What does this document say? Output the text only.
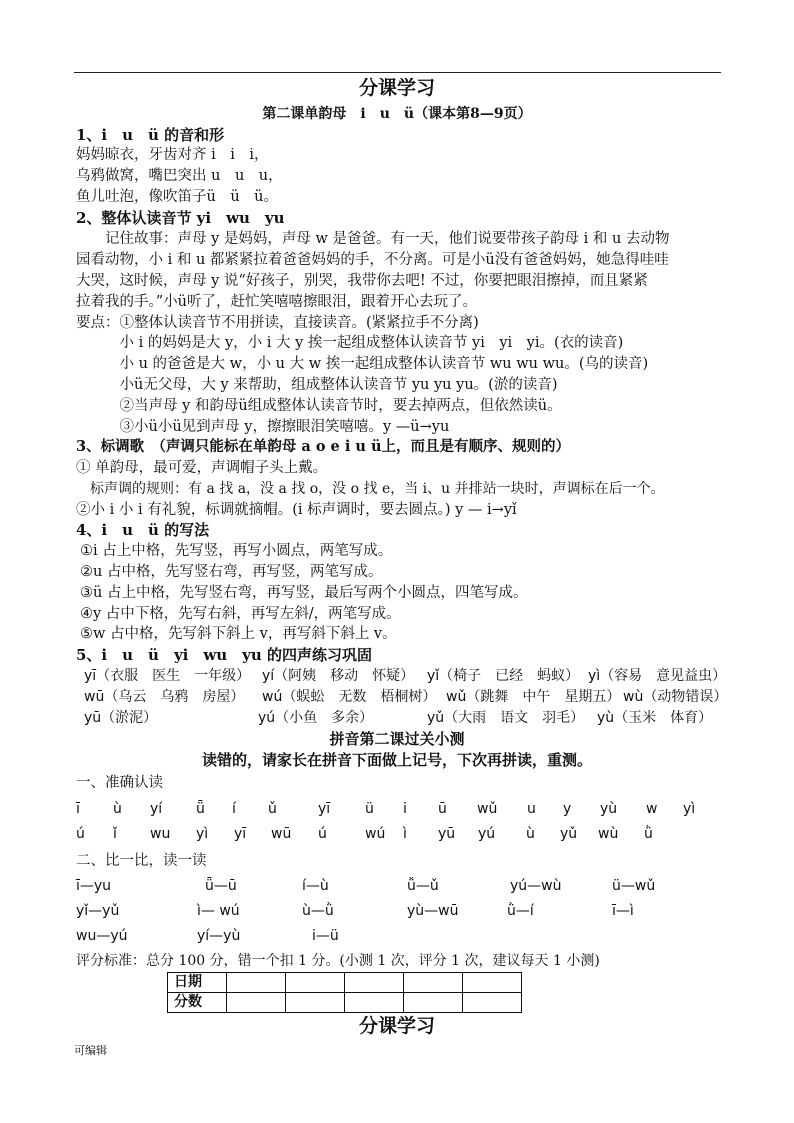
分课学习
第二课单韵母　i　u　ü（课本第8—9页）
1、i　u　ü 的音和形
妈妈晾衣，牙齿对齐 i　i　i，
乌鸦做窝，嘴巴突出 u　u　u，
鱼儿吐泡，像吹笛子ü　ü　ü。
2、整体认读音节 yi　wu　yu
　　记住故事：声母 y 是妈妈，声母 w 是爸爸。有一天，他们说要带孩子韵母 i 和 u 去动物
园看动物，小 i 和 u 都紧紧拉着爸爸妈妈的手，不分离。可是小ü没有爸爸妈妈，她急得哇哇
大哭，这时候，声母 y 说“好孩子，别哭，我带你去吧! 不过，你要把眼泪擦掉，而且紧紧
拉着我的手。”小ü听了，赶忙笑嘻嘻擦眼泪，跟着开心去玩了。
要点：①整体认读音节不用拼读，直接读音。(紧紧拉手不分离)
　　　小 i 的妈妈是大 y，小 i 大 y 挨一起组成整体认读音节 yi　yi　yi。(衣的读音)
　　　小 u 的爸爸是大 w，小 u 大 w 挨一起组成整体认读音节 wu wu wu。(乌的读音)
　　　小ü无父母，大 y 来帮助，组成整体认读音节 yu yu yu。(淤的读音)
　　　②当声母 y 和韵母ü组成整体认读音节时，要去掉两点，但依然读ü。
　　　③小ü小ü见到声母 y，擦擦眼泪笑嘻嘻。y —ü→yu
3、标调歌　（声调只能标在单韵母 a o e i u ü上，而且是有顺序、规则的）
① 单韵母，最可爱，声调帽子头上戴。
　标声调的规则：有 a 找 a，没 a 找 o，没 o 找 e，当 i、u 并排站一块时，声调标在后一个。
②小 i 小 i 有礼貌，标调就摘帽。(i 标声调时，要去圆点。) y — i→yǐ
4、i　u　ü 的写法
①i 占上中格，先写竖，再写小圆点，两笔写成。
②u 占中格，先写竖右弯，再写竖，两笔写成。
③ü 占上中格，先写竖右弯，再写竖，最后写两个小圆点，四笔写成。
④y 占中下格，先写右斜，再写左斜/，两笔写成。
⑤w 占中格，先写斜下斜上 v，再写斜下斜上 v。
5、i　u　ü　yi　wu　yu 的四声练习巩固
yī（衣服　医生　一年级） yí（阿姨　移动　怀疑） yǐ（椅子　已经　蚂蚁） yì（容易　意见益虫）
wū（乌云　乌鸦　房屋） wú（蜈蚣　无数　梧桐树） wǔ（跳舞　中午　星期五） wù（动物错误）
yū（淤泥）	yú（小鱼　多余）	yǔ（大雨　语文　羽毛） yù（玉米　体育）
拼音第二课过关小测
读错的，请家长在拼音下面做上记号，下次再拼读，重测。
一、准确认读
ī ù yí ǖ í ǔ	yī ü i ū wǔ u y yù w yì
ú ǐ wu yì yī wū ú	wú ì yū yú ù yǔ wù ǜ
二、比一比，读一读
ī—yu	ǖ—ū	í—ù	ǚ—ǔ	yú—wù	ü—wǔ
yǐ—yǔ	ì— wú	ù—ǜ	yù—wū	ǜ—í	ī—ì
wu—yú	yí—yù	i—ü
评分标准：总分 100 分，错一个扣 1 分。(小测 1 次，评分 1 次，建议每天 1 小测)
日期					
分数					
分课学习
可编辑
